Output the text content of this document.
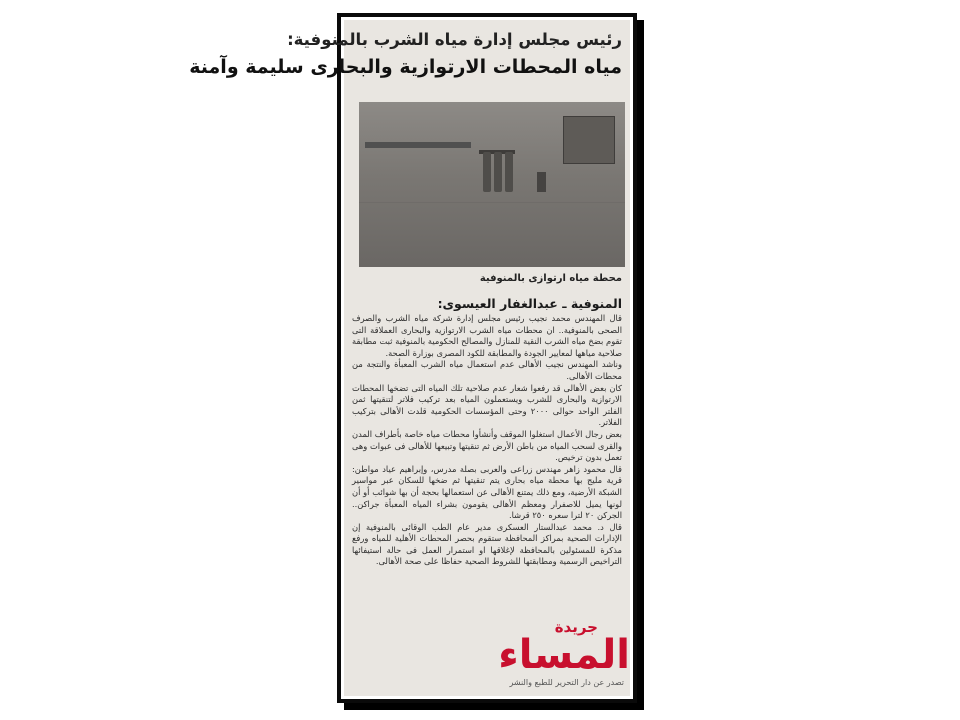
رئيس مجلس إدارة مياه الشرب بالمنوفية:
مياه المحطات الارتوازية والبحارى سليمة وآمنة
محطة مياه ارتوازى بالمنوفية
المنوفية ـ عبدالغفار العيسوى:

قال المهندس محمد نجيب رئيس مجلس إدارة شركة مياه الشرب والصرف الصحى بالمنوفية.. ان محطات مياه الشرب الارتوازية والبحارى العملاقة التى تقوم بضخ مياه الشرب النقية للمنازل والمصالح الحكومية بالمنوفية ثبت مطابقة صلاحية مياهها لمعايير الجودة والمطابقة للكود المصرى بوزارة الصحة.

وناشد المهندس نجيب الأهالى عدم استعمال مياه الشرب المعبأة والنتجة من محطات الأهالى.

كان بعض الأهالى قد رفعوا شعار عدم صلاحية تلك المياه التى تضخها المحطات الارتوازية والبحارى للشرب ويستعملون المياه بعد تركيب فلاتر لتنقيتها ثمن الفلتر الواحد حوالى ٢٠٠٠ وحتى المؤسسات الحكومية قلدت الأهالى بتركيب الفلاتر.

بعض رجال الأعمال استغلوا الموقف وأنشأوا محطات مياه خاصة بأطراف المدن والقرى لسحب المياه من باطن الأرض ثم تنقيتها وتبيعها للأهالى فى عبوات وهى تعمل بدون ترخيص.

قال محمود زاهر مهندس زراعى والعربى بصلة مدرس، وإبراهيم عياد مواطن: قرية مليج بها محطة مياه بحارى يتم تنقيتها ثم ضخها للسكان عبر مواسير الشبكة الأرضية، ومع ذلك يمتنع الأهالى عن استعمالها بحجة أن بها شوائب أو أن لونها يميل للاصفرار ومعظم الأهالى يقومون بشراء المياه المعبأة جراكن.. الجركن ٢٠ لترا سعره ٢٥٠ قرشا.

قال د. محمد عبدالستار العسكرى مدير عام الطب الوقائى بالمنوفية إن الإدارات الصحية بمراكز المحافظة ستقوم بحصر المحطات الأهلية للمياه ورفع مذكرة للمسئولين بالمحافظة لإغلاقها او استمرار العمل فى حالة استيفائها التراخيص الرسمية ومطابقتها للشروط الصحية حفاظا على صحة الأهالى.

جريدة
المساء
تصدر عن دار التحرير للطبع والنشر
